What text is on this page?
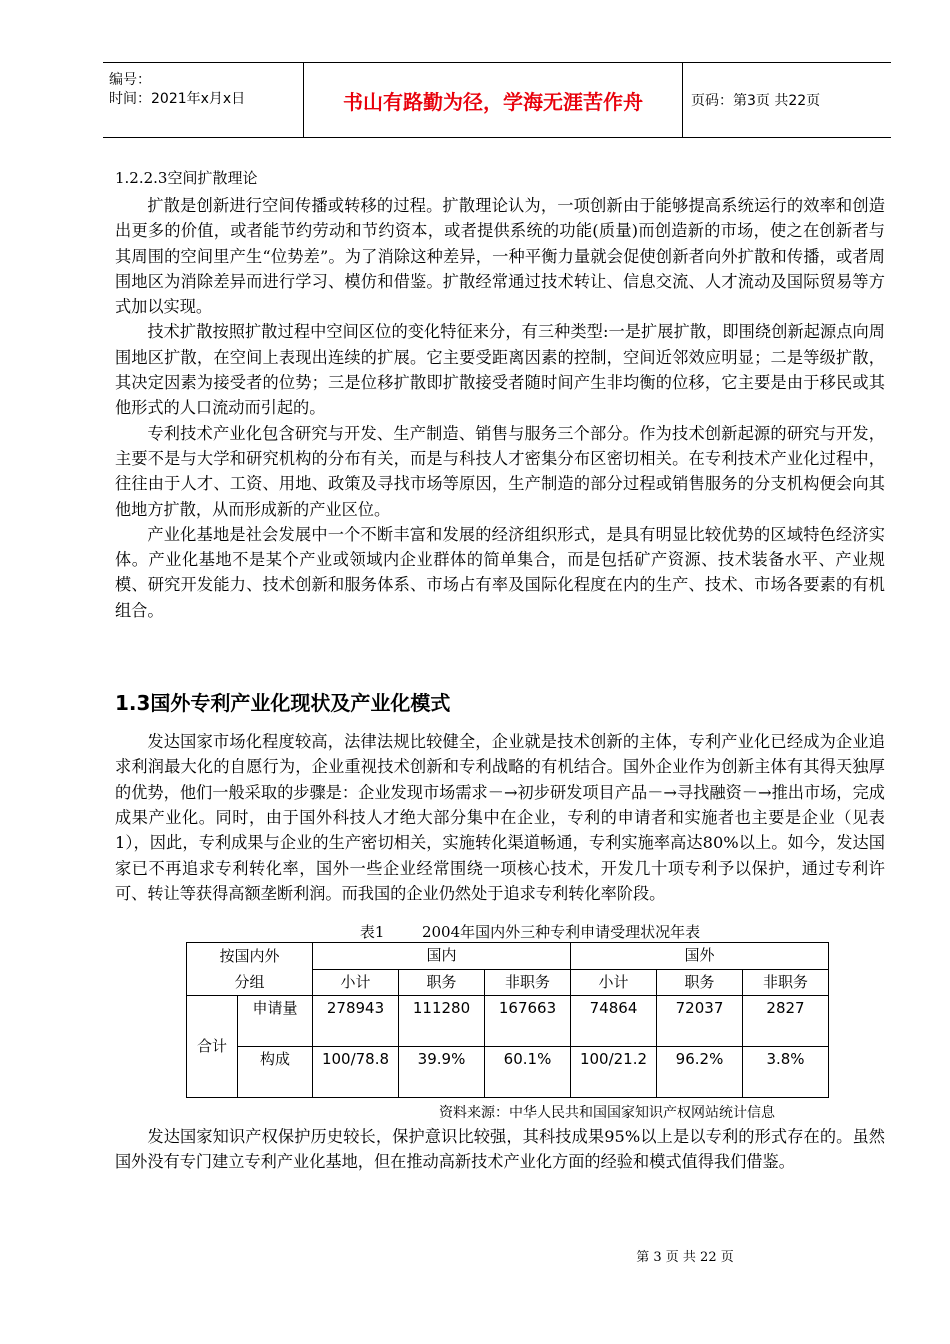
编号：
时间：2021年x月x日	书山有路勤为径，学海无涯苦作舟	页码：第3页 共22页
1.2.2.3空间扩散理论

扩散是创新进行空间传播或转移的过程。扩散理论认为，一项创新由于能够提高系统运行的效率和创造出更多的价值，或者能节约劳动和节约资本，或者提供系统的功能(质量)而创造新的市场，使之在创新者与其周围的空间里产生“位势差”。为了消除这种差异，一种平衡力量就会促使创新者向外扩散和传播，或者周围地区为消除差异而进行学习、模仿和借鉴。扩散经常通过技术转让、信息交流、人才流动及国际贸易等方式加以实现。

技术扩散按照扩散过程中空间区位的变化特征来分，有三种类型:一是扩展扩散，即围绕创新起源点向周围地区扩散，在空间上表现出连续的扩展。它主要受距离因素的控制，空间近邻效应明显；二是等级扩散，其决定因素为接受者的位势；三是位移扩散即扩散接受者随时间产生非均衡的位移，它主要是由于移民或其他形式的人口流动而引起的。

专利技术产业化包含研究与开发、生产制造、销售与服务三个部分。作为技术创新起源的研究与开发，主要不是与大学和研究机构的分布有关，而是与科技人才密集分布区密切相关。在专利技术产业化过程中，往往由于人才、工资、用地、政策及寻找市场等原因，生产制造的部分过程或销售服务的分支机构便会向其他地方扩散，从而形成新的产业区位。

产业化基地是社会发展中一个不断丰富和发展的经济组织形式，是具有明显比较优势的区域特色经济实体。产业化基地不是某个产业或领域内企业群体的简单集合，而是包括矿产资源、技术装备水平、产业规模、研究开发能力、技术创新和服务体系、市场占有率及国际化程度在内的生产、技术、市场各要素的有机组合。

1.3国外专利产业化现状及产业化模式

发达国家市场化程度较高，法律法规比较健全，企业就是技术创新的主体，专利产业化已经成为企业追求利润最大化的自愿行为，企业重视技术创新和专利战略的有机结合。国外企业作为创新主体有其得天独厚的优势，他们一般采取的步骤是：企业发现市场需求－→初步研发项目产品－→寻找融资－→推出市场，完成成果产业化。同时，由于国外科技人才绝大部分集中在企业，专利的申请者和实施者也主要是企业（见表1），因此，专利成果与企业的生产密切相关，实施转化渠道畅通，专利实施率高达80%以上。如今，发达国家已不再追求专利转化率，国外一些企业经常围绕一项核心技术，开发几十项专利予以保护，通过专利许可、转让等获得高额垄断利润。而我国的企业仍然处于追求专利转化率阶段。

表1	2004年国内外三种专利申请受理状况年表
按国内外
分组		国内			国外		
		小计	职务	非职务	小计	职务	非职务
合计	申请量	278943	111280	167663	74864	72037	2827
	构成	100/78.8	39.9%	60.1%	100/21.2	96.2%	3.8%
资料来源：中华人民共和国国家知识产权网站统计信息

发达国家知识产权保护历史较长，保护意识比较强，其科技成果95%以上是以专利的形式存在的。虽然国外没有专门建立专利产业化基地，但在推动高新技术产业化方面的经验和模式值得我们借鉴。

第 3 页 共 22 页
